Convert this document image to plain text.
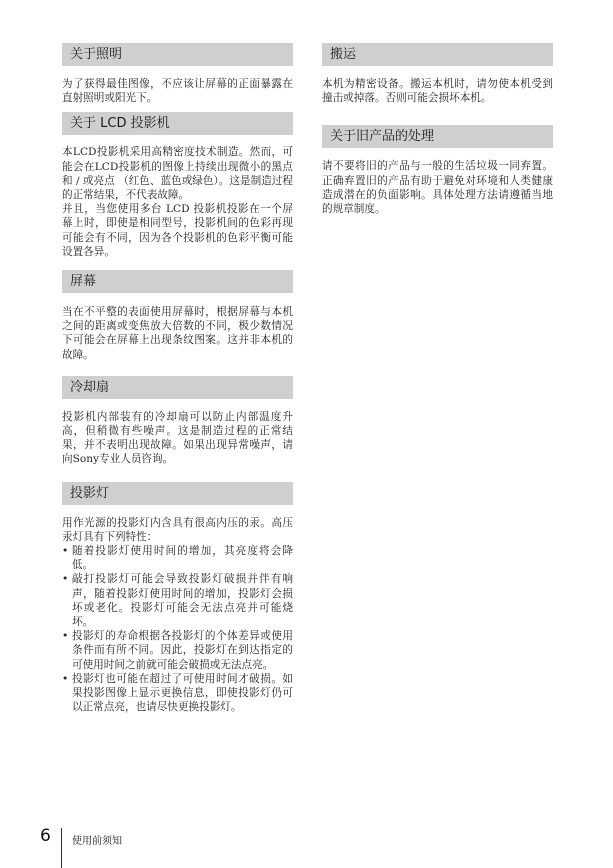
关于照明

为了获得最佳图像，不应该让屏幕的正面暴露在直射照明或阳光下。

关于 LCD 投影机

本LCD投影机采用高精密度技术制造。然而，可能会在LCD投影机的图像上持续出现微小的黑点和 / 或亮点 （红色、蓝色或绿色）。这是制造过程的正常结果，不代表故障。

并且，当您使用多台 LCD 投影机投影在一个屏幕上时，即使是相同型号，投影机间的色彩再现可能会有不同，因为各个投影机的色彩平衡可能设置各异。

屏幕

当在不平整的表面使用屏幕时，根据屏幕与本机之间的距离或变焦放大倍数的不同，极少数情况下可能会在屏幕上出现条纹图案。这并非本机的故障。

冷却扇

投影机内部装有的冷却扇可以防止内部温度升高，但稍微有些噪声。这是制造过程的正常结果，并不表明出现故障。如果出现异常噪声，请向Sony专业人员咨询。

投影灯

用作光源的投影灯内含具有很高内压的汞。高压汞灯具有下列特性：

• 随着投影灯使用时间的增加，其亮度将会降低。
• 敲打投影灯可能会导致投影灯破损并伴有响声，随着投影灯使用时间的增加，投影灯会损坏或老化。投影灯可能会无法点亮并可能烧坏。
• 投影灯的寿命根据各投影灯的个体差异或使用条件而有所不同。因此，投影灯在到达指定的可使用时间之前就可能会破损或无法点亮。
• 投影灯也可能在超过了可使用时间才破损。如果投影图像上显示更换信息，即使投影灯仍可以正常点亮，也请尽快更换投影灯。
搬运

本机为精密设备。搬运本机时，请勿使本机受到撞击或掉落。否则可能会损坏本机。

关于旧产品的处理

请不要将旧的产品与一般的生活垃圾一同弃置。正确弃置旧的产品有助于避免对环境和人类健康造成潜在的负面影响。具体处理方法请遵循当地的规章制度。

6 使用前须知
